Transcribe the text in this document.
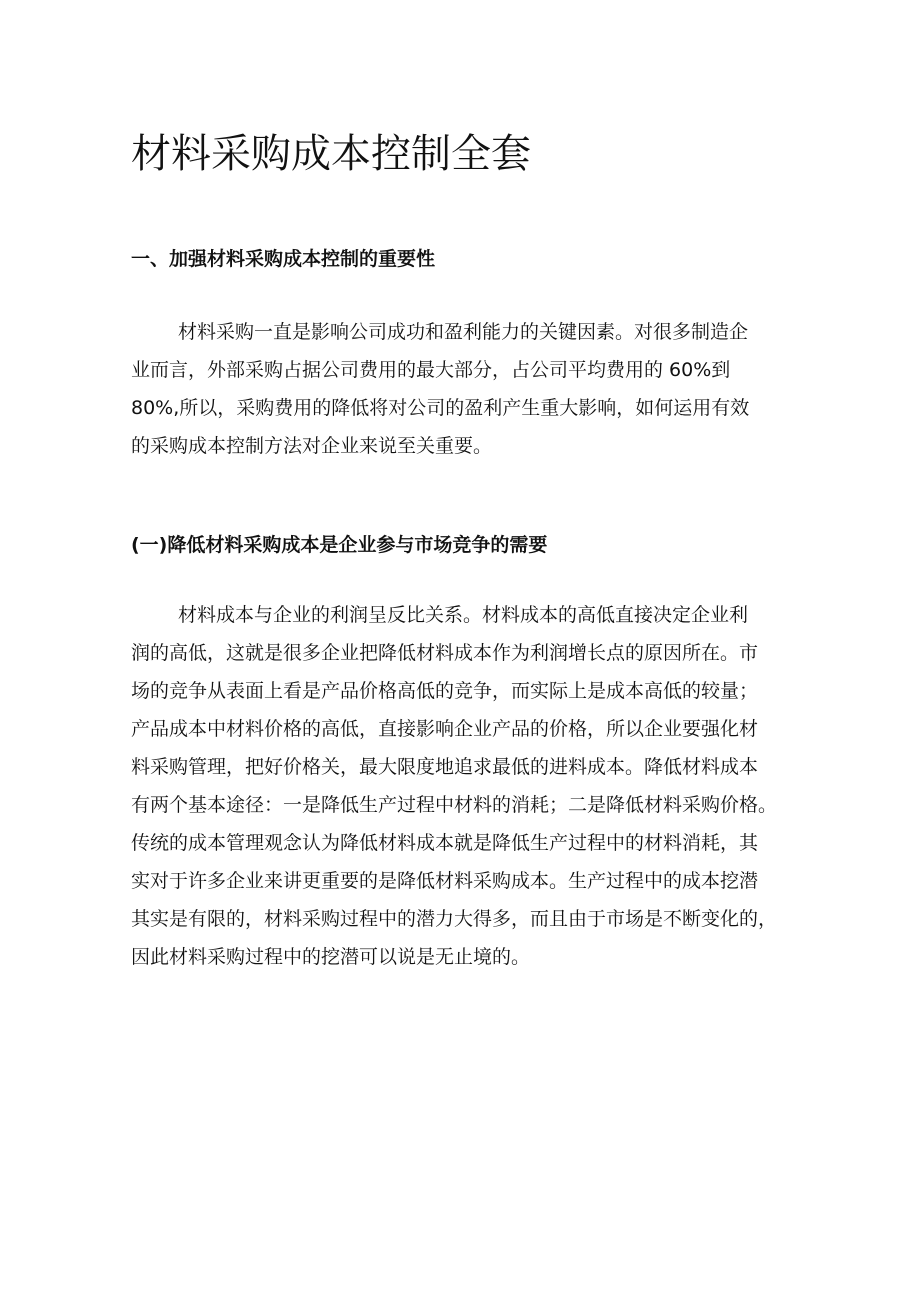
材料采购成本控制全套
一、加强材料采购成本控制的重要性

材料采购一直是影响公司成功和盈利能力的关键因素。对很多制造企
业而言，外部采购占据公司费用的最大部分，占公司平均费用的 60%到
80%,所以，采购费用的降低将对公司的盈利产生重大影响，如何运用有效
的采购成本控制方法对企业来说至关重要。

(一)降低材料采购成本是企业参与市场竞争的需要

材料成本与企业的利润呈反比关系。材料成本的高低直接决定企业利
润的高低，这就是很多企业把降低材料成本作为利润增长点的原因所在。市
场的竞争从表面上看是产品价格高低的竞争，而实际上是成本高低的较量；
产品成本中材料价格的高低，直接影响企业产品的价格，所以企业要强化材
料采购管理，把好价格关，最大限度地追求最低的进料成本。降低材料成本
有两个基本途径：一是降低生产过程中材料的消耗；二是降低材料采购价格。
传统的成本管理观念认为降低材料成本就是降低生产过程中的材料消耗，其
实对于许多企业来讲更重要的是降低材料采购成本。生产过程中的成本挖潜
其实是有限的，材料采购过程中的潜力大得多，而且由于市场是不断变化的，
因此材料采购过程中的挖潜可以说是无止境的。
